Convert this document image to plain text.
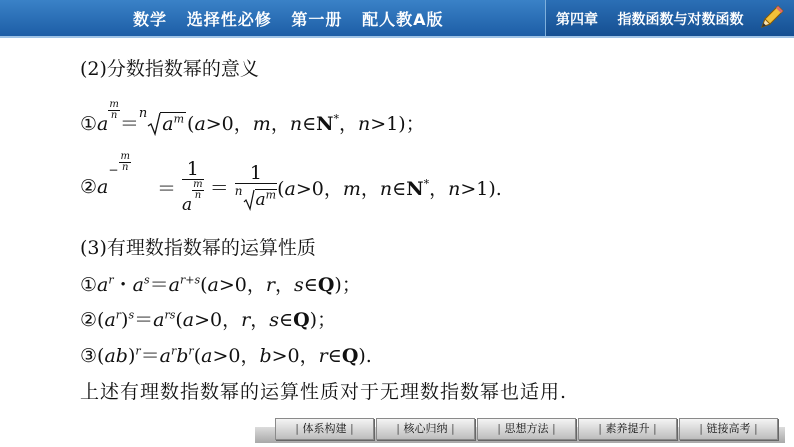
数学   选择性必修   第一册   配人教A版	第四章    指数函数与对数函数
(2)分数指数幂的意义
①a
$\frac{m}{n}=^n$ $a^m$ (a>0，m，n∈N*，n>1)；
②a− $\frac{m}{n} = 1$
a
$\frac{m}{n} = \frac{1}{^n a^m} (a>0$，m，n∈N*，n>1).
(3)有理数指数幂的运算性质
$①a^r$・$a^s=a^{r+s}(a>0$，r，s∈Q)；
$②(a^r)^s=a^{rs}(a>0$，r，s∈Q)；
$③(ab)^r=a^rb^r(a>0$，b>0，r∈Q).
上述有理数指数幂的运算性质对于无理数指数幂也适用.
| 体系构建 |	| 核心归纳 |	| 思想方法 |	| 素养提升 |	| 链接高考 |
